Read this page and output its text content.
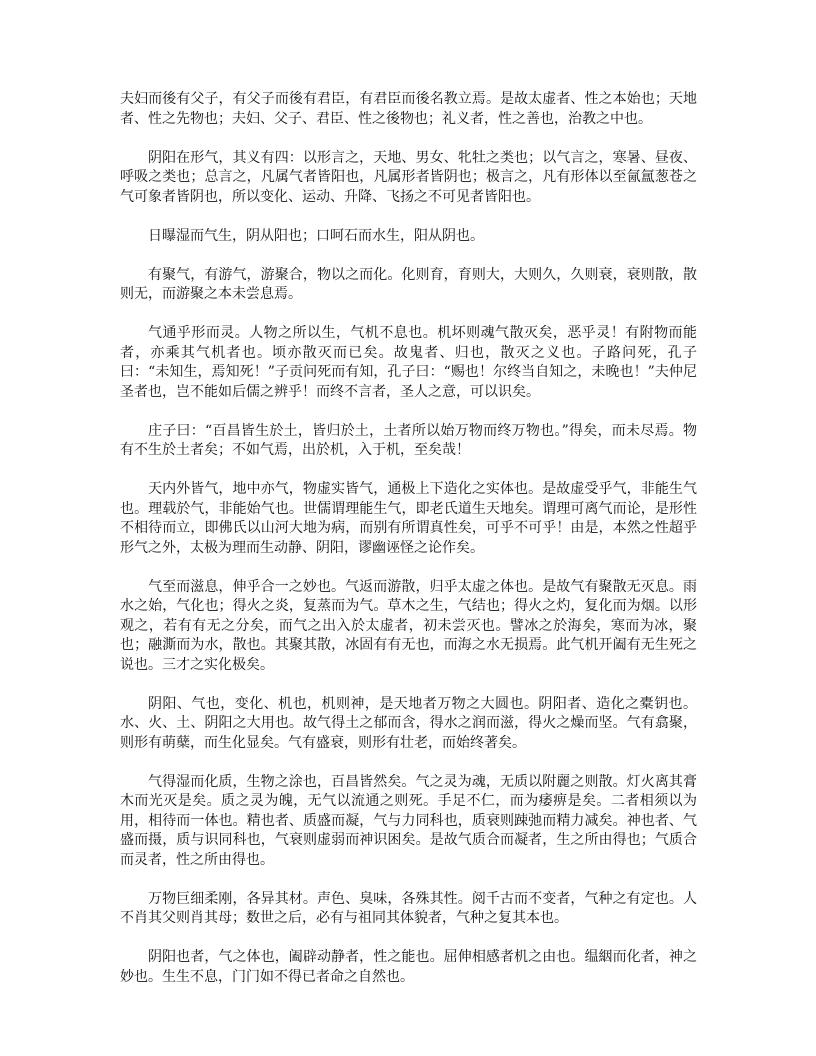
夫妇而後有父子，有父子而後有君臣，有君臣而後名教立焉。是故太虚者、性之本始也；天地者、性之先物也；夫妇、父子、君臣、性之後物也；礼义者，性之善也，治教之中也。

阴阳在形气，其义有四：以形言之，天地、男女、牝牡之类也；以气言之，寒暑、昼夜、呼吸之类也；总言之，凡属气者皆阳也，凡属形者皆阴也；极言之，凡有形体以至氤氲葱苍之气可象者皆阴也，所以变化、运动、升降、飞扬之不可见者皆阳也。

日曝湿而气生，阴从阳也；口呵石而水生，阳从阴也。

有聚气，有游气，游聚合，物以之而化。化则育，育则大，大则久，久则衰，衰则散，散则无，而游聚之本未尝息焉。

气通乎形而灵。人物之所以生，气机不息也。机坏则魂气散灭矣，恶乎灵！有附物而能者，亦乘其气机者也。顷亦散灭而已矣。故鬼者、归也，散灭之义也。子路问死，孔子曰：“未知生，焉知死！”子贡问死而有知，孔子曰：“赐也！尔终当自知之，未晚也！”夫仲尼圣者也，岂不能如后儒之辨乎！而终不言者，圣人之意，可以识矣。

庄子曰：“百昌皆生於土，皆归於土，土者所以始万物而终万物也。”得矣，而未尽焉。物有不生於土者矣；不如气焉，出於机，入于机，至矣哉！

天内外皆气，地中亦气，物虚实皆气，通极上下造化之实体也。是故虚受乎气，非能生气也。理载於气，非能始气也。世儒谓理能生气，即老氏道生天地矣。谓理可离气而论，是形性不相待而立，即佛氏以山河大地为病，而别有所谓真性矣，可乎不可乎！由是，本然之性超乎形气之外，太极为理而生动静、阴阳，谬幽诬怪之论作矣。

气至而滋息，伸乎合一之妙也。气返而游散，归乎太虚之体也。是故气有聚散无灭息。雨水之始，气化也；得火之炎，复蒸而为气。草木之生，气结也；得火之灼，复化而为烟。以形观之，若有有无之分矣，而气之出入於太虚者，初未尝灭也。譬冰之於海矣，寒而为冰，聚也；融澌而为水，散也。其聚其散，冰固有有无也，而海之水无损焉。此气机开阖有无生死之说也。三才之实化极矣。

阴阳、气也，变化、机也，机则神，是天地者万物之大圆也。阴阳者、造化之橐钥也。水、火、土、阴阳之大用也。故气得土之郁而含，得水之润而滋，得火之燥而坚。气有翕聚，则形有萌蘖，而生化显矣。气有盛衰，则形有壮老，而始终著矣。

气得湿而化质，生物之涂也，百昌皆然矣。气之灵为魂，无质以附麗之则散。灯火离其膏木而光灭是矣。质之灵为魄，无气以流通之则死。手足不仁，而为痿痹是矣。二者相须以为用，相待而一体也。精也者、质盛而凝，气与力同科也，质衰则踈弛而精力减矣。神也者、气盛而摄，质与识同科也，气衰则虚弱而神识困矣。是故气质合而凝者，生之所由得也；气质合而灵者，性之所由得也。

万物巨细柔刚，各异其材。声色、臭味，各殊其性。阅千古而不变者，气种之有定也。人不肖其父则肖其母；数世之后，必有与祖同其体貌者，气种之复其本也。

阴阳也者，气之体也，阖辟动静者，性之能也。屈伸相感者机之由也。缊絪而化者，神之妙也。生生不息，门门如不得已者命之自然也。
